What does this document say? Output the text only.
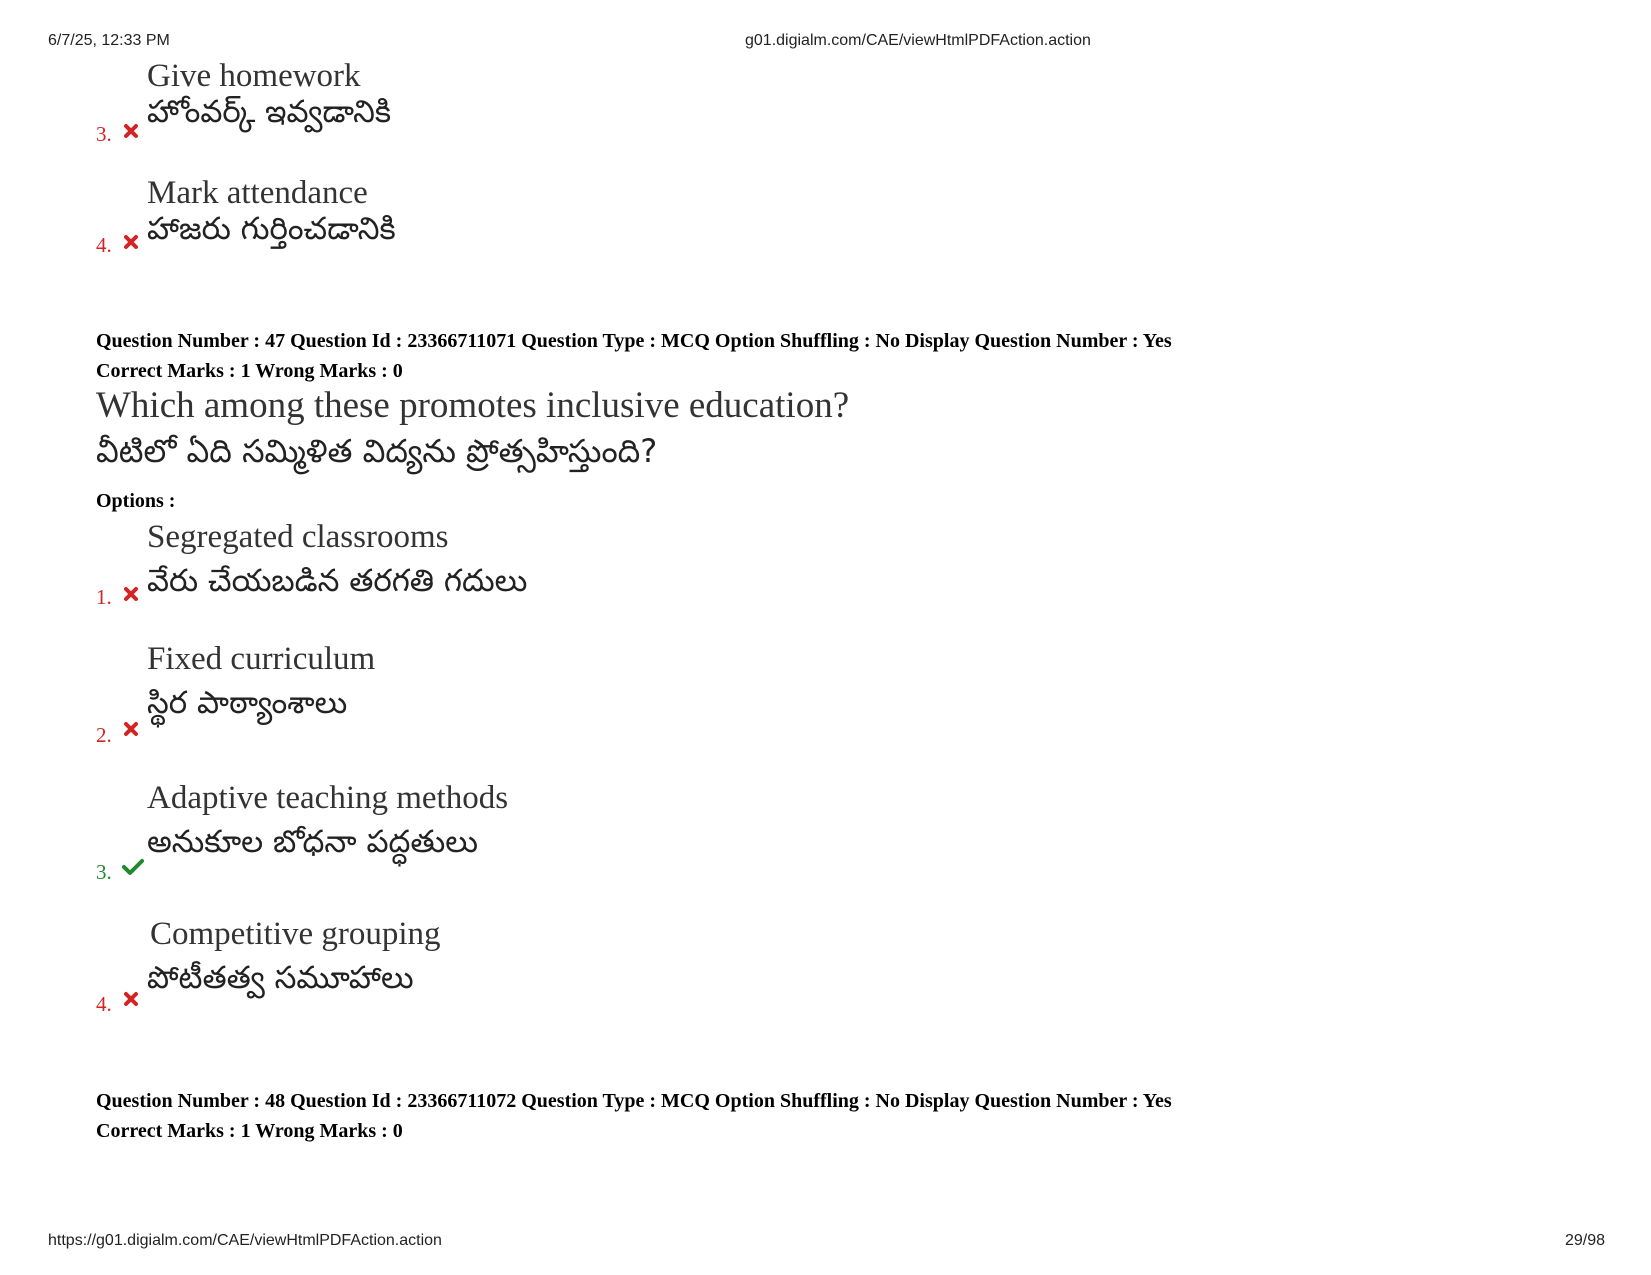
6/7/25, 12:33 PM	g01.digialm.com/CAE/viewHtmlPDFAction.action
Give homework
హోంవర్క్ ఇవ్వడానికి
3.
Mark attendance
హాజరు గుర్తించడానికి
4.
Question Number : 47 Question Id : 23366711071 Question Type : MCQ Option Shuffling : No Display Question Number : Yes
Correct Marks : 1 Wrong Marks : 0
Which among these promotes inclusive education?
వీటిలో ఏది సమ్మిళిత విద్యను ప్రోత్సహిస్తుంది?
Options :
Segregated classrooms
వేరు చేయబడిన తరగతి గదులు
1.
Fixed curriculum
స్థిర పాఠ్యాంశాలు
2.
Adaptive teaching methods
అనుకూల బోధనా పద్ధతులు
3.
Competitive grouping
పోటీతత్వ సమూహాలు
4.
Question Number : 48 Question Id : 23366711072 Question Type : MCQ Option Shuffling : No Display Question Number : Yes
Correct Marks : 1 Wrong Marks : 0
https://g01.digialm.com/CAE/viewHtmlPDFAction.action	29/98
